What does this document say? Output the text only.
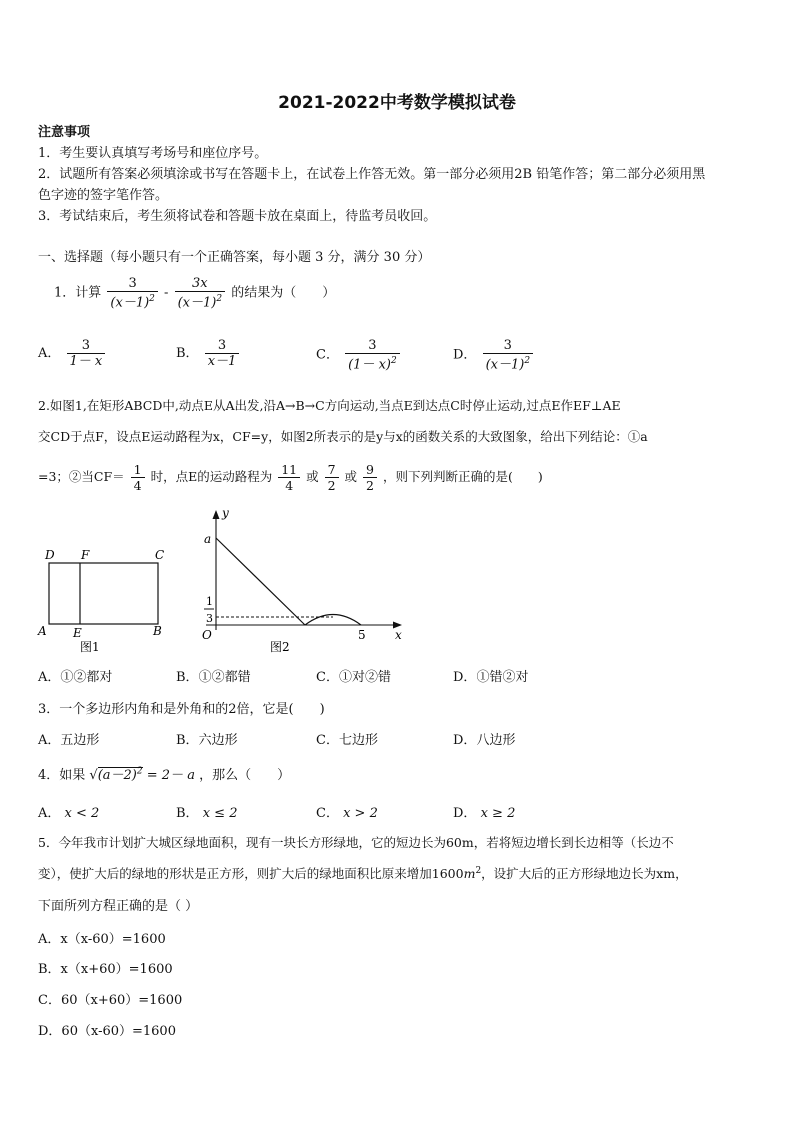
2021-2022中考数学模拟试卷
注意事项
1．考生要认真填写考场号和座位序号。
2．试题所有答案必须填涂或书写在答题卡上，在试卷上作答无效。第一部分必须用2B 铅笔作答；第二部分必须用黑
色字迹的签字笔作答。
3．考试结束后，考生须将试卷和答题卡放在桌面上，待监考员收回。
一、选择题（每小题只有一个正确答案，每小题 3 分，满分 30 分）
1．计算 $\frac{3}{(x-1)^2} - \frac{3x}{(x-1)^2}$ 的结果为（　　）
A． $\frac{3}{1- x}$	B． $\frac{3}{x-1}$	C． $\frac{3}{(1- x)^2}$	D． $\frac{3}{(x-1)^2}$
2.如图1,在矩形ABCD中,动点E从A出发,沿A→B→C方向运动,当点E到达点C时停止运动,过点E作EF⊥AE
交CD于点F，设点E运动路程为x，CF=y，如图2所表示的是y与x的函数关系的大致图象，给出下列结论：①a
=3；②当$CF= \frac{1}{4}$ 时，点E的运动路程为 $\frac{11}{4}$ 或 $\frac{7}{2}$ 或 $\frac{9}{2}$ ，则下列判断正确的是(　　)
D F	C
A E	B
图1
y
a
1
3
O	5 x
图2
A．①②都对	B．①②都错	C．①对②错	D．①错②对
3．一个多边形内角和是外角和的2倍，它是(　　)
A．五边形	B．六边形	C．七边形	D．八边形
4．如果 $√(a-2)^2 = 2- a$ ，那么（　　）
A． x < 2	B． x ≤ 2	C． x > 2	D． x ≥ 2
5．今年我市计划扩大城区绿地面积，现有一块长方形绿地，它的短边长为60m，若将短边增长到长边相等（长边不
变），使扩大后的绿地的形状是正方形，则扩大后的绿地面积比原来增加$1600m^2$，设扩大后的正方形绿地边长为xm，
下面所列方程正确的是（ ）
A．x（x-60）=1600
B．x（x+60）=1600
C．60（x+60）=1600
D．60（x-60）=1600
